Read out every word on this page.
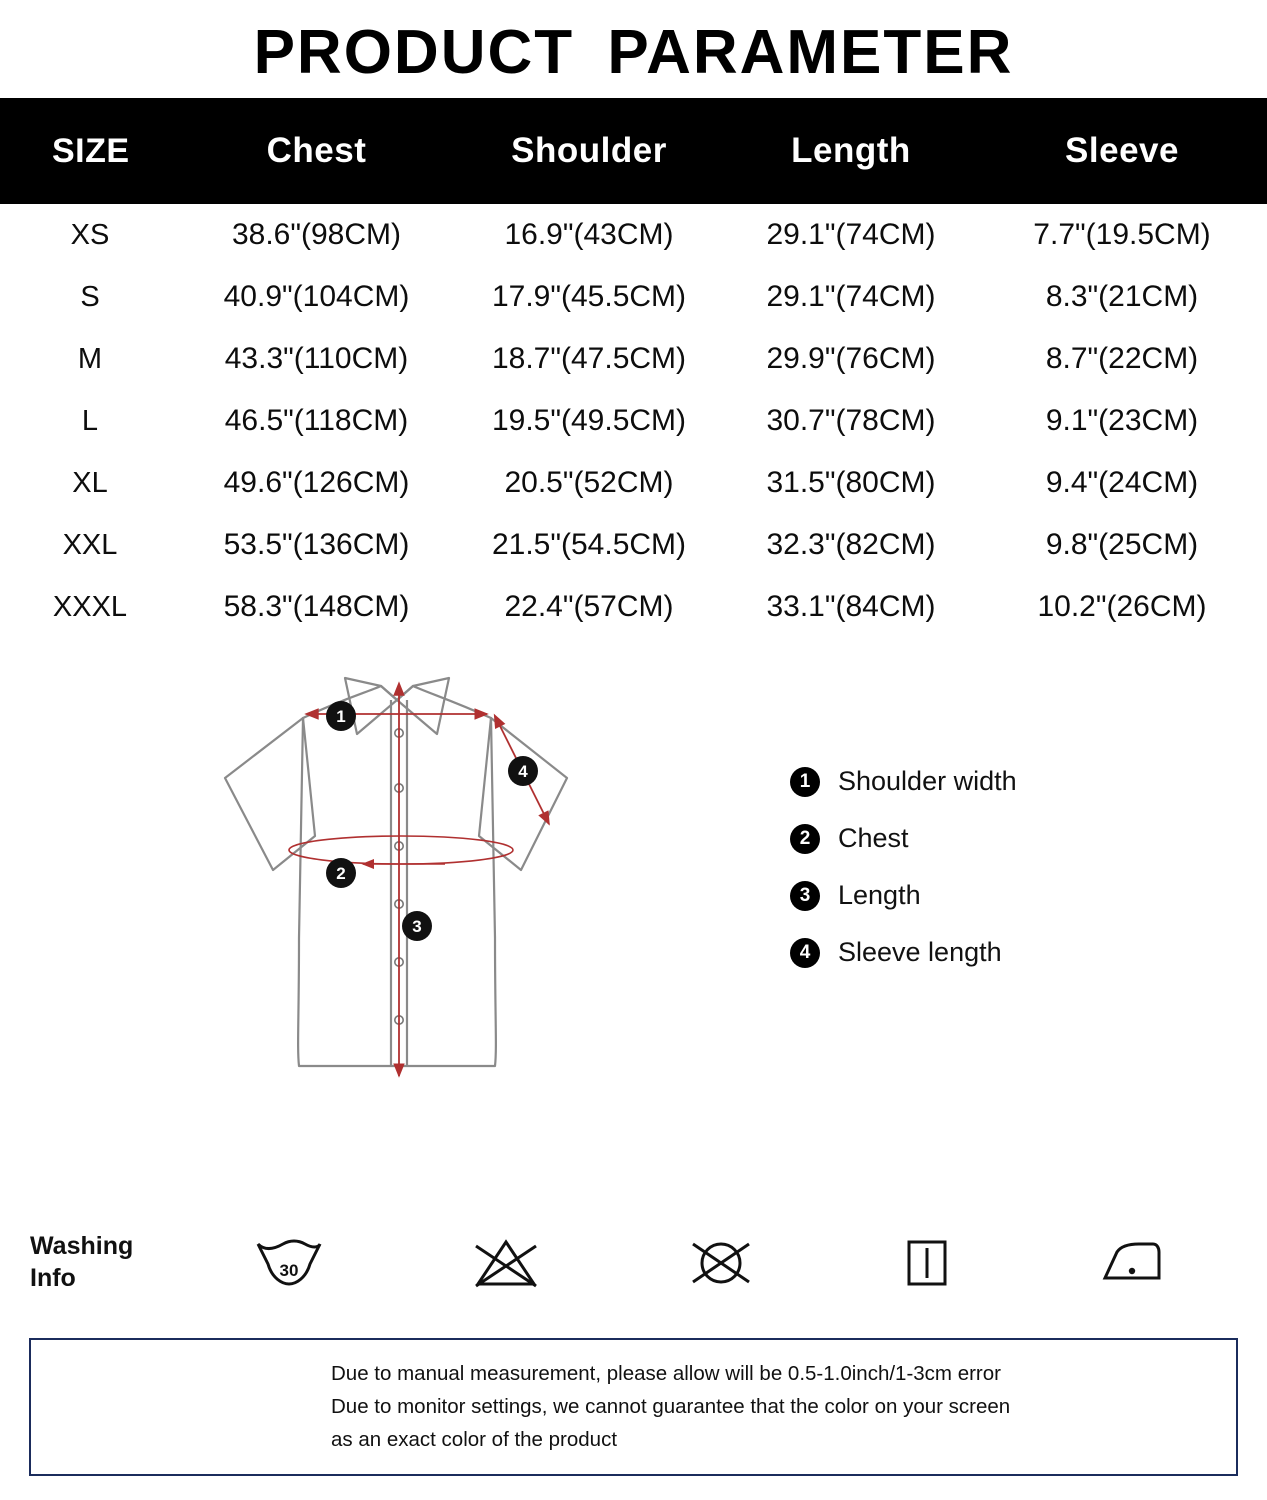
PRODUCT PARAMETER
SIZE	Chest	Shoulder	Length	Sleeve
XS	38.6"(98CM)	16.9"(43CM)	29.1"(74CM)	7.7"(19.5CM)
S	40.9"(104CM)	17.9"(45.5CM)	29.1"(74CM)	8.3"(21CM)
M	43.3"(110CM)	18.7"(47.5CM)	29.9"(76CM)	8.7"(22CM)
L	46.5"(118CM)	19.5"(49.5CM)	30.7"(78CM)	9.1"(23CM)
XL	49.6"(126CM)	20.5"(52CM)	31.5"(80CM)	9.4"(24CM)
XXL	53.5"(136CM)	21.5"(54.5CM)	32.3"(82CM)	9.8"(25CM)
XXXL	58.3"(148CM)	22.4"(57CM)	33.1"(84CM)	10.2"(26CM)
1
2
3
4	1	Shoulder width
2	Chest
3	Length
4	Sleeve length
Washing
Info	30

Due to manual measurement, please allow will be 0.5-1.0inch/1-3cm error

Due to monitor settings, we cannot guarantee that the color on your screen

as an exact color of the product
